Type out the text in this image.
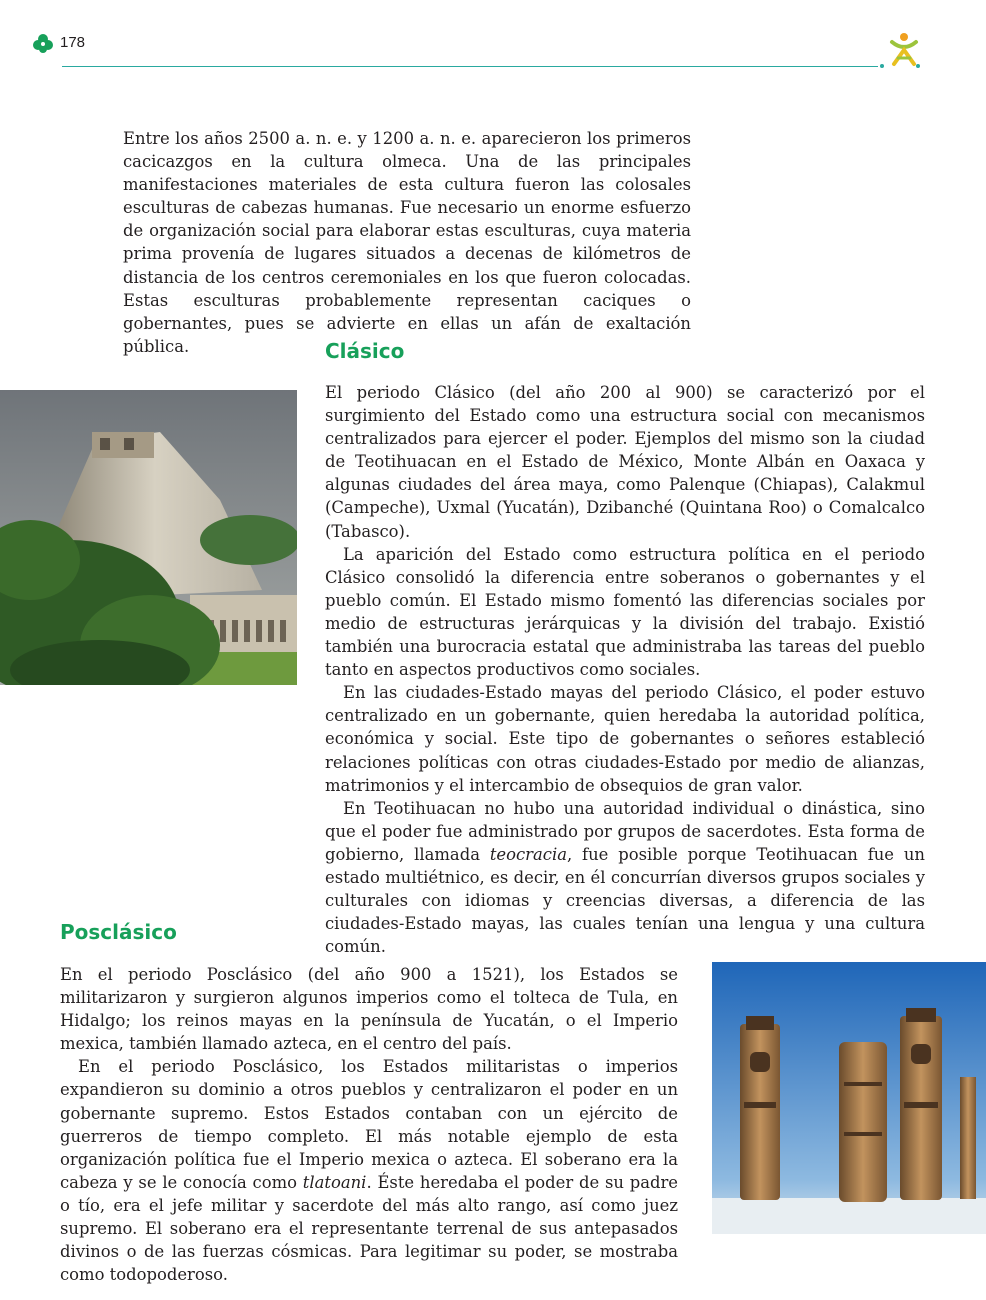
178

Entre los años 2500 a. n. e. y 1200 a. n. e. aparecieron los primeros cacicazgos en la cultura olmeca. Una de las principales manifestaciones materiales de esta cultura fueron las colosales esculturas de cabezas humanas. Fue necesario un enorme esfuerzo de organización social para elaborar estas esculturas, cuya materia prima provenía de lugares situados a decenas de kilómetros de distancia de los centros ceremoniales en los que fueron colocadas. Estas esculturas probablemente representan caciques o gobernantes, pues se advierte en ellas un afán de exaltación pública.	Clásico

El periodo Clásico (del año 200 al 900) se caracterizó por el surgimiento del Estado como una estructura social con mecanismos centralizados para ejercer el poder. Ejemplos del mismo son la ciudad de Teotihuacan en el Estado de México, Monte Albán en Oaxaca y algunas ciudades del área maya, como Palenque (Chiapas), Calakmul (Campeche), Uxmal (Yucatán), Dzibanché (Quintana Roo) o Comalcalco (Tabasco).

La aparición del Estado como estructura política en el periodo Clásico consolidó la diferencia entre soberanos o gobernantes y el pueblo común. El Estado mismo fomentó las diferencias sociales por medio de estructuras jerárquicas y la división del trabajo. Existió también una burocracia estatal que administraba las tareas del pueblo tanto en aspectos productivos como sociales.

En las ciudades-Estado mayas del periodo Clásico, el poder estuvo centralizado en un gobernante, quien heredaba la autoridad política, económica y social. Este tipo de gobernantes o señores estableció relaciones políticas con otras ciudades-Estado por medio de alianzas, matrimonios y el intercambio de obsequios de gran valor.

En Teotihuacan no hubo una autoridad individual o dinástica, sino que el poder fue administrado por grupos de sacerdotes. Esta forma de gobierno, llamada teocracia, fue posible porque Teotihuacan fue un estado multiétnico, es decir, en él concurrían diversos grupos sociales y culturales con idiomas y creencias diversas, a diferencia de las ciudades-Estado mayas, las cuales tenían una lengua y una cultura común.

Posclásico

En el periodo Posclásico (del año 900 a 1521), los Estados se militarizaron y surgieron algunos imperios como el tolteca de Tula, en Hidalgo; los reinos mayas en la península de Yucatán, o el Imperio mexica, también llamado azteca, en el centro del país.

En el periodo Posclásico, los Estados militaristas o imperios expandieron su dominio a otros pueblos y centralizaron el poder en un gobernante supremo. Estos Estados contaban con un ejército de guerreros de tiempo completo. El más notable ejemplo de esta organización política fue el Imperio mexica o azteca. El soberano era la cabeza y se le conocía como tlatoani. Éste heredaba el poder de su padre o tío, era el jefe militar y sacerdote del más alto rango, así como juez supremo. El soberano era el representante terrenal de sus antepasados divinos o de las fuerzas cósmicas. Para legitimar su poder, se mostraba como todopoderoso.
